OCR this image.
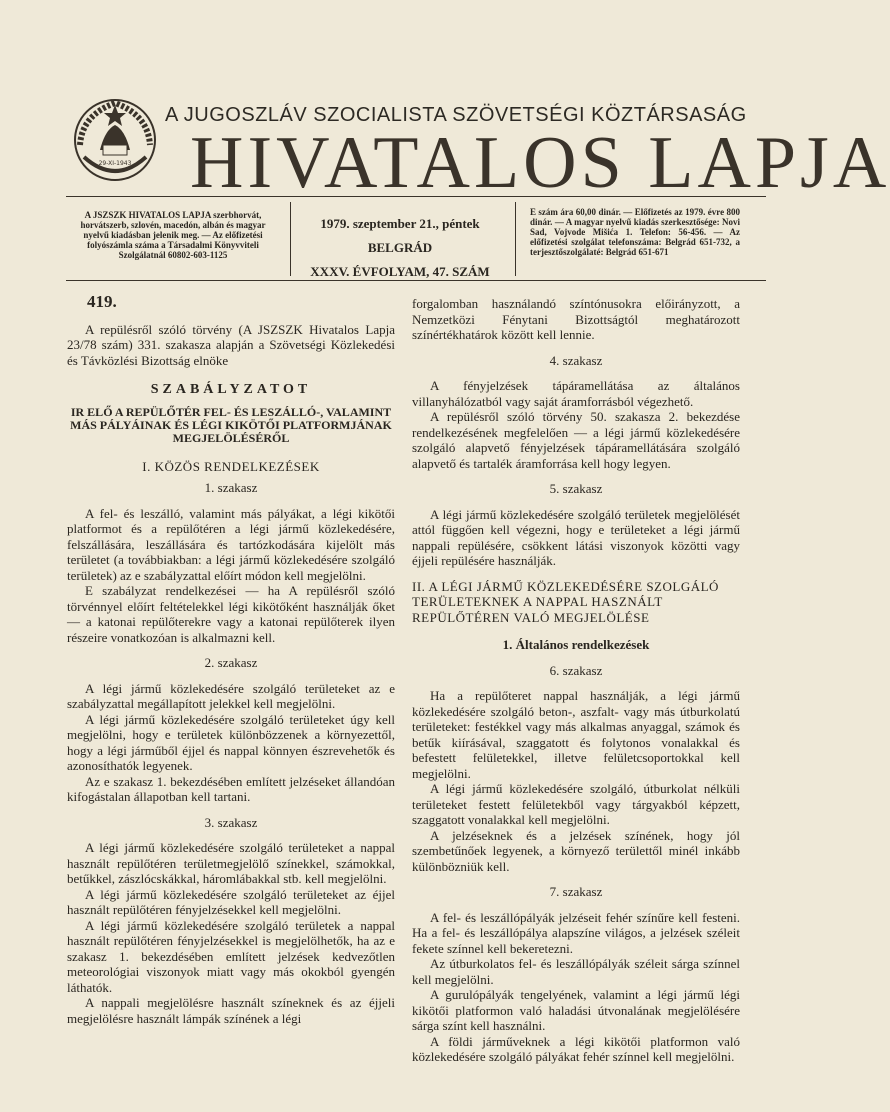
29-XI-1943
A JUGOSZLÁV SZOCIALISTA SZÖVETSÉGI KÖZTÁRSASÁG
HIVATALOS LAPJA
A JSZSZK HIVATALOS LAPJA szerbhorvát, horvátszerb, szlovén, macedón, albán és magyar nyelvű kiadásban jelenik meg. — Az előfizetési folyószámla száma a Társadalmi Könyvviteli Szolgálatnál 60802-603-1125
1979. szeptember 21., péntek
BELGRÁD
XXXV. ÉVFOLYAM, 47. SZÁM
E szám ára 60,00 dinár. — Előfizetés az 1979. évre 800 dinár. — A magyar nyelvű kiadás szerkesztősége: Novi Sad, Vojvode Mišića 1. Telefon: 56-456. — Az előfizetési szolgálat telefonszáma: Belgrád 651-732, a terjesztőszolgálaté: Belgrád 651-671

419.

A repülésről szóló törvény (A JSZSZK Hivatalos Lapja 23/78 szám) 331. szakasza alapján a Szövetségi Közlekedési és Távközlési Bizottság elnöke

SZABÁLYZATOT

IR ELŐ A REPÜLŐTÉR FEL- ÉS LESZÁLLÓ-, VALAMINT MÁS PÁLYÁINAK ÉS LÉGI KIKÖTŐI PLATFORMJÁNAK MEGJELÖLÉSÉRŐL

I. KÖZÖS RENDELKEZÉSEK

1. szakasz

A fel- és leszálló, valamint más pályákat, a légi kikötői platformot és a repülőtéren a légi jármű közlekedésére, felszállására, leszállására és tartózkodására kijelölt más területet (a továbbiakban: a légi jármű közlekedésére szolgáló területek) az e szabályzattal előírt módon kell megjelölni.

E szabályzat rendelkezései — ha A repülésről szóló törvénnyel előírt feltételekkel légi kikötőként használják őket — a katonai repülőterekre vagy a katonai repülőterek ilyen részeire vonatkozóan is alkalmazni kell.

2. szakasz

A légi jármű közlekedésére szolgáló területeket az e szabályzattal megállapított jelekkel kell megjelölni.

A légi jármű közlekedésére szolgáló területeket úgy kell megjelölni, hogy e területek különbözzenek a környezettől, hogy a légi járműből éjjel és nappal könnyen észrevehetők és azonosíthatók legyenek.

Az e szakasz 1. bekezdésében említett jelzéseket állandóan kifogástalan állapotban kell tartani.

3. szakasz

A légi jármű közlekedésére szolgáló területeket a nappal használt repülőtéren területmegjelölő színekkel, számokkal, betűkkel, zászlócskákkal, háromlábakkal stb. kell megjelölni.

A légi jármű közlekedésére szolgáló területeket az éjjel használt repülőtéren fényjelzésekkel kell megjelölni.

A légi jármű közlekedésére szolgáló területek a nappal használt repülőtéren fényjelzésekkel is megjelölhetők, ha az e szakasz 1. bekezdésében említett jelzések kedvezőtlen meteorológiai viszonyok miatt vagy más okokból gyengén láthatók.

A nappali megjelölésre használt színeknek és az éjjeli megjelölésre használt lámpák színének a légi

forgalomban használandó színtónusokra előirányzott, a Nemzetközi Fénytani Bizottságtól meghatározott színértékhatárok között kell lennie.

4. szakasz

A fényjelzések tápáramellátása az általános villanyhálózatból vagy saját áramforrásból végezhető.

A repülésről szóló törvény 50. szakasza 2. bekezdése rendelkezésének megfelelően — a légi jármű közlekedésére szolgáló alapvető fényjelzések tápáramellátására szolgáló alapvető és tartalék áramforrása kell hogy legyen.

5. szakasz

A légi jármű közlekedésére szolgáló területek megjelölését attól függően kell végezni, hogy e területeket a légi jármű nappali repülésére, csökkent látási viszonyok közötti vagy éjjeli repülésére használják.

II. A LÉGI JÁRMŰ KÖZLEKEDÉSÉRE SZOLGÁLÓ TERÜLETEKNEK A NAPPAL HASZNÁLT REPÜLŐTÉREN VALÓ MEGJELÖLÉSE

1. Általános rendelkezések

6. szakasz

Ha a repülőteret nappal használják, a légi jármű közlekedésére szolgáló beton-, aszfalt- vagy más útburkolatú területeket: festékkel vagy más alkalmas anyaggal, számok és betűk kiírásával, szaggatott és folytonos vonalakkal és befestett felületekkel, illetve felületcsoportokkal kell megjelölni.

A légi jármű közlekedésére szolgáló, útburkolat nélküli területeket festett felületekből vagy tárgyakból képzett, szaggatott vonalakkal kell megjelölni.

A jelzéseknek és a jelzések színének, hogy jól szembetűnőek legyenek, a környező területtől minél inkább különbözniük kell.

7. szakasz

A fel- és leszállópályák jelzéseit fehér színűre kell festeni. Ha a fel- és leszállópálya alapszíne világos, a jelzések széleit fekete színnel kell bekeretezni.

Az útburkolatos fel- és leszállópályák széleit sárga színnel kell megjelölni.

A gurulópályák tengelyének, valamint a légi jármű légi kikötői platformon való haladási útvonalának megjelölésére sárga színt kell használni.

A földi járműveknek a légi kikötői platformon való közlekedésére szolgáló pályákat fehér színnel kell megjelölni.
